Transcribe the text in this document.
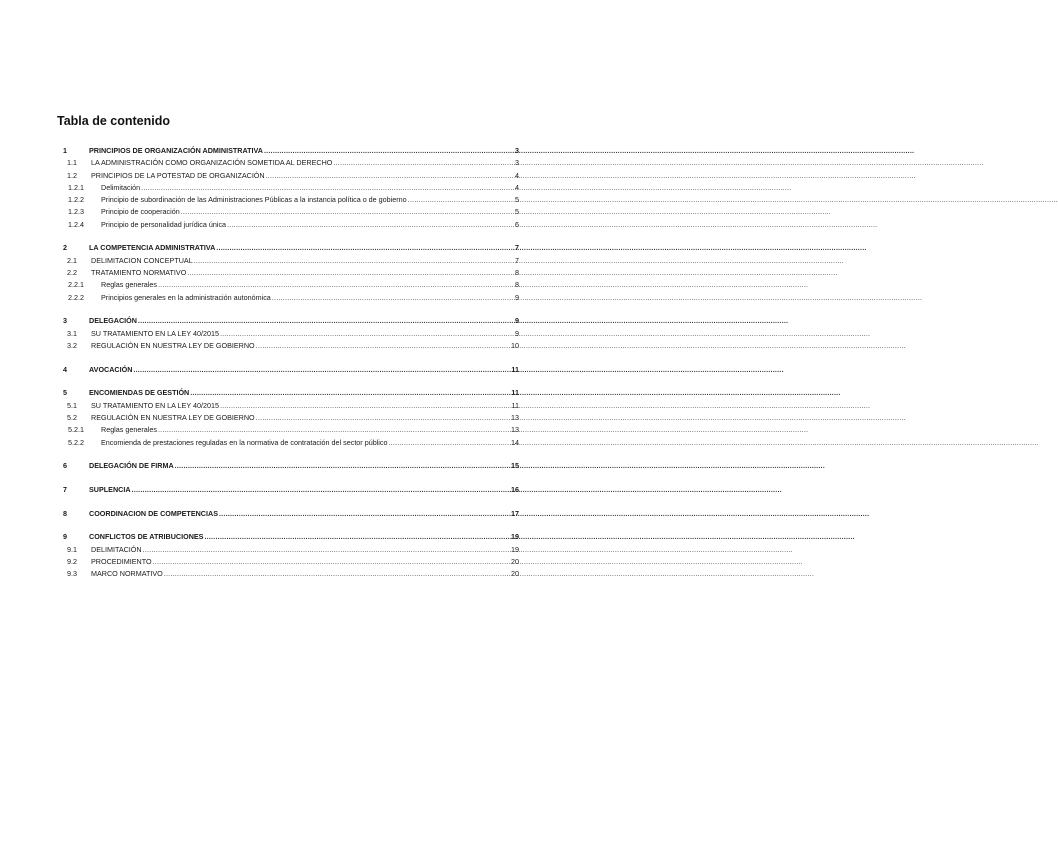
Tabla de contenido
1	PRINCIPIOS DE ORGANIZACIÓN ADMINISTRATIVA .....	3
1.1	LA ADMINISTRACIÓN COMO ORGANIZACIÓN SOMETIDA AL DERECHO .....	3
1.2	PRINCIPIOS DE LA POTESTAD DE ORGANIZACIÓN .....	4
1.2.1	Delimitación .....	4
1.2.2	Principio de subordinación de las Administraciones Públicas a la instancia política o de gobierno .....	5
1.2.3	Principio de cooperación .....	5
1.2.4	Principio de personalidad jurídica única .....	6
2	LA COMPETENCIA ADMINISTRATIVA .....	7
2.1	DELIMITACION CONCEPTUAL .....	7
2.2	TRATAMIENTO NORMATIVO .....	8
2.2.1	Reglas generales .....	8
2.2.2	Principios generales en la administración autonómica .....	9
3	DELEGACIÓN .....	9
3.1	SU TRATAMIENTO EN LA LEY 40/2015 .....	9
3.2	REGULACIÓN EN NUESTRA LEY DE GOBIERNO .....	10
4	AVOCACIÓN .....	11
5	ENCOMIENDAS DE GESTIÓN .....	11
5.1	SU TRATAMIENTO EN LA LEY 40/2015 .....	11
5.2	REGULACIÓN EN NUESTRA LEY DE GOBIERNO .....	13
5.2.1	Reglas generales .....	13
5.2.2	Encomienda de prestaciones reguladas en la normativa de contratación del sector público .....	14
6	DELEGACIÓN DE FIRMA .....	15
7	SUPLENCIA .....	16
8	COORDINACION DE COMPETENCIAS .....	17
9	CONFLICTOS DE ATRIBUCIONES .....	19
9.1	DELIMITACIÓN .....	19
9.2	PROCEDIMIENTO .....	20
9.3	MARCO NORMATIVO .....	20
